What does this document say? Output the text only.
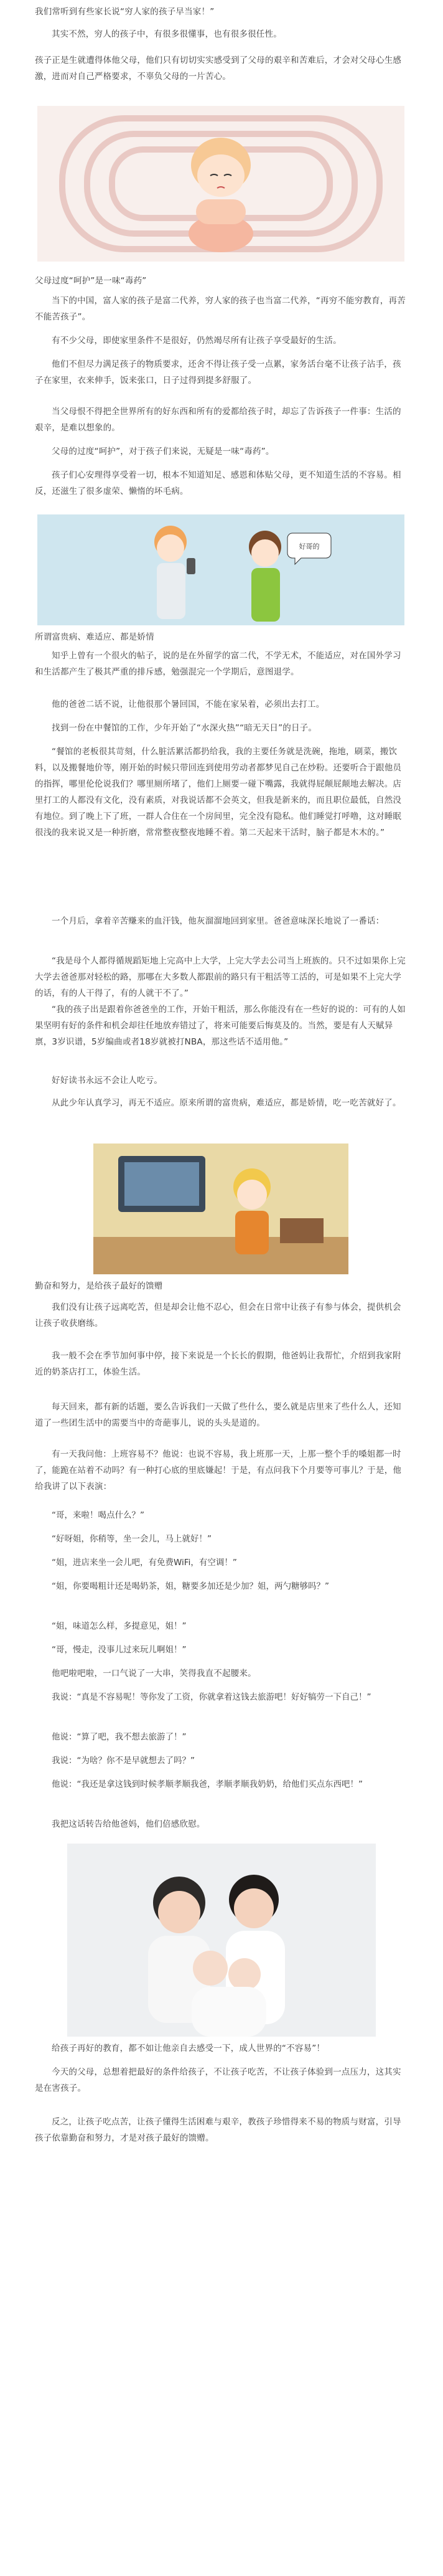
我们常听到有些家长说“穷人家的孩子早当家！”
其实不然，穷人的孩子中，有很多很懂事，也有很多很任性。
孩子正是生就遭得体他父母，他们只有切切实实感受到了父母的艰辛和苦难后，才会对父母心生感激，进而对自己严格要求，不辜负父母的一片苦心。
父母过度“呵护”是一味“毒药”
当下的中国，富人家的孩子是富二代养，穷人家的孩子也当富二代养，“再穷不能穷教育，再苦不能苦孩子”。
有不少父母，即使家里条件不是很好，仍然竭尽所有让孩子享受最好的生活。
他们不但尽力满足孩子的物质要求，还舍不得让孩子受一点累，家务活台毫不让孩子沾手，孩子在家里，衣来伸手，饭来张口，日子过得到提多舒服了。
当父母恨不得把全世界所有的好东西和所有的爱都给孩子时，却忘了告诉孩子一件事：生活的艰辛，是难以想象的。
父母的过度“呵护”，对于孩子们来说，无疑是一味“毒药”。
孩子们心安理得享受着一切，根本不知道知足、感恩和体贴父母，更不知道生活的不容易。相反，还滋生了很多虚荣、懒惰的坏毛病。
好哥的
所谓富贵病、难适应、都是娇情
知乎上曾有一个很火的帖子，说的是在外留学的富二代，不学无术，不能适应，对在国外学习和生活都产生了极其严重的排斥感，勉强混完一个学期后，意图退学。
他的爸爸二话不说，让他很那个暑回国，不能在家呆着，必须出去打工。
找到一份在中餐馆的工作，少年开始了“水深火热”“暗无天日”的日子。
“餐馆的老板很其苛刻，什么脏活累活都扔给我，我的主要任务就是洗碗，拖地，刷菜，搬饮料，以及搬餐地价等，刚开始的时候只带回连到使用劳动者都梦见自己在炒粉。还要听合于跟他员的指挥，哪里伦伦说我们？哪里厕所堵了，他们上厕要一碰下嘴露，我就得屁颠屁颠地去解决。店里打工的人都没有文化，没有素质，对我说话都不会英文，但我是新来的，而且职位最低，自然没有地位。到了晚上下了班，一群人合住在一个房间里，完全没有隐私。他们睡觉打呼噜，这对睡眠很浅的我来说又是一种折磨，常常整夜整夜地睡不着。第二天起来干活时，脑子都是木木的。”
一个月后，拿着辛苦赚来的血汗钱，他灰溜溜地回到家里。爸爸意味深长地说了一番话：
“我是母个人都得循规蹈矩地上完高中上大学，上完大学去公司当上班族的。只不过如果你上完大学去爸爸那对轻松的路，那哪在大多数人都跟前的路只有干粗活等工活的，可是如果不上完大学的话，有的人干得了，有的人就干不了。”
“我的孩子出是跟着你爸爸坐的工作，开始干粗活，那么你能没有在一些好的说的：可有的人如果坚明有好的条件和机会却往任地放弃错过了，将来可能要后悔莫及的。当然，要是有人天赋异禀，3岁识谱，5岁编曲或者18岁就被打NBA，那这些话不适用他。”
好好读书永远不会让人吃亏。
从此少年认真学习，再无不适应。原来所谓的富贵病，难适应，都是娇情，吃一吃苦就好了。
勤奋和努力，是给孩子最好的馈赠
我们没有让孩子远离吃苦，但是却会让他不忍心，但会在日常中让孩子有参与体会，提供机会让孩子收获磨练。
我一般不会在季节加何事中停，接下来说是一个长长的假期，他爸妈让我帮忙，介绍到我家附近的奶茶店打工，体验生活。
每天回来，都有新的话题，要么告诉我们一天做了些什么，要么就是店里来了些什么人，还知道了一些团生活中的需要当中的奇葩事儿，说的头头是道的。
有一天我问他：上班容易不？他说：也说不容易，我上班那一天，上那一整个手的嗓姐都一时了，能跪在站着不动吗？有一种打心底的里底嫌起！于是，有点问我下个月要等可事儿？于是，他给我讲了以下表演：
“哥，来啦！喝点什么？”
“好呀姐，你稍等，坐一会儿，马上就好！”
“姐，进店来坐一会儿吧，有免费WiFi，有空调！”
“姐，你要喝粗计还是喝奶茶，姐，糖要多加还是少加？姐，两勺糖够吗？”
“姐，味道怎么样，多提意见，姐！”
“哥，慢走，没事儿过来玩儿啊姐！”
他吧啦吧啦，一口气说了一大串，笑得我直不起腰来。
我说：“真是不容易呢！等你发了工资，你就拿着这钱去旅游吧！好好犒劳一下自己！”
他说：“算了吧，我不想去旅游了！”
我说：“为啥？你不是早就想去了吗？”
他说：“我还是拿这钱到时候孝顺孝顺我爸，孝顺孝顺我奶奶，给他们买点东西吧！”
我把这话转告给他爸妈，他们倍感欣慰。
给孩子再好的教育，都不如让他亲自去感受一下，成人世界的“不容易”！
今天的父母，总想着把最好的条件给孩子，不让孩子吃苦，不让孩子体验到一点压力，这其实是在害孩子。
反之，让孩子吃点苦，让孩子懂得生活困难与艰辛，教孩子珍惜得来不易的物质与财富，引导孩子依靠勤奋和努力，才是对孩子最好的馈赠。
